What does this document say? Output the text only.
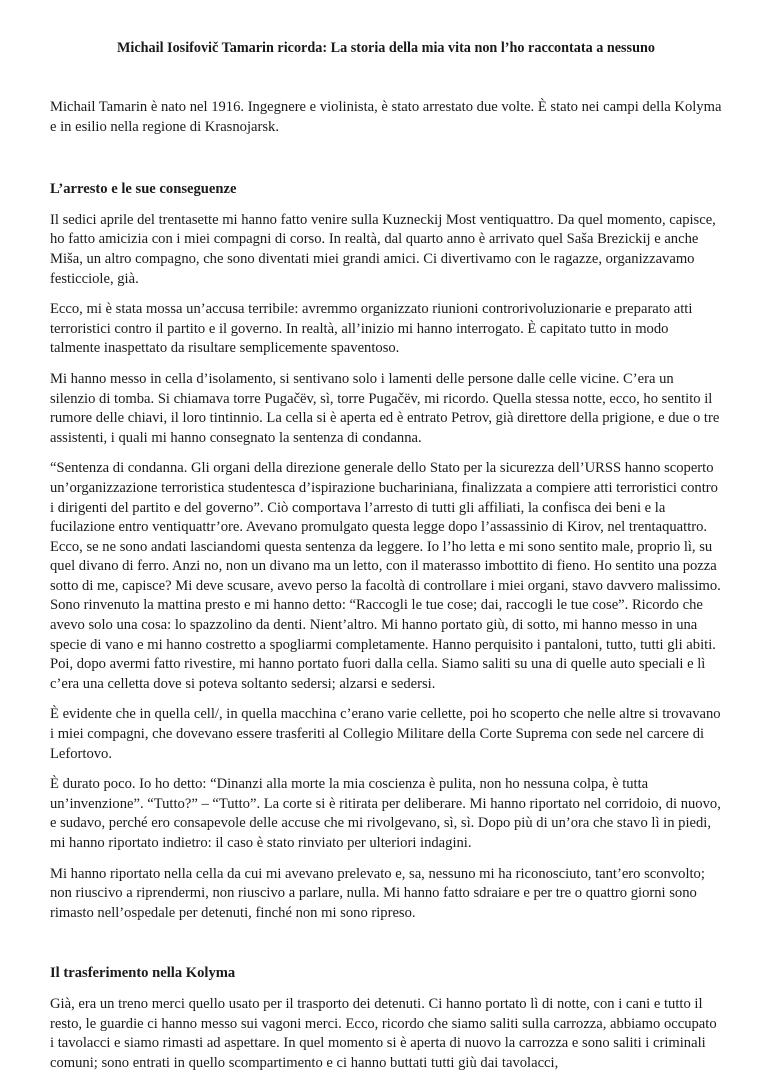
Michail Iosifovič Tamarin ricorda: La storia della mia vita non l’ho raccontata a nessuno

Michail Tamarin è nato nel 1916. Ingegnere e violinista, è stato arrestato due volte. È stato nei campi della Kolyma e in esilio nella regione di Krasnojarsk.

L’arresto e le sue conseguenze

Il sedici aprile del trentasette mi hanno fatto venire sulla Kuzneckij Most ventiquattro. Da quel momento, capisce, ho fatto amicizia con i miei compagni di corso. In realtà, dal quarto anno è arrivato quel Saša Brezickij e anche Miša, un altro compagno, che sono diventati miei grandi amici. Ci divertivamo con le ragazze, organizzavamo festicciole, già.

Ecco, mi è stata mossa un’accusa terribile: avremmo organizzato riunioni controrivoluzionarie e preparato atti terroristici contro il partito e il governo. In realtà, all’inizio mi hanno interrogato. È capitato tutto in modo talmente inaspettato da risultare semplicemente spaventoso.

Mi hanno messo in cella d’isolamento, si sentivano solo i lamenti delle persone dalle celle vicine. C’era un silenzio di tomba. Si chiamava torre Pugačëv, sì, torre Pugačëv, mi ricordo. Quella stessa notte, ecco, ho sentito il rumore delle chiavi, il loro tintinnio. La cella si è aperta ed è entrato Petrov, già direttore della prigione, e due o tre assistenti, i quali mi hanno consegnato la sentenza di condanna.

“Sentenza di condanna. Gli organi della direzione generale dello Stato per la sicurezza dell’URSS hanno scoperto un’organizzazione terroristica studentesca d’ispirazione buchariniana, finalizzata a compiere atti terroristici contro i dirigenti del partito e del governo”. Ciò comportava l’arresto di tutti gli affiliati, la confisca dei beni e la fucilazione entro ventiquattr’ore. Avevano promulgato questa legge dopo l’assassinio di Kirov, nel trentaquattro. Ecco, se ne sono andati lasciandomi questa sentenza da leggere. Io l’ho letta e mi sono sentito male, proprio lì, su quel divano di ferro. Anzi no, non un divano ma un letto, con il materasso imbottito di fieno. Ho sentito una pozza sotto di me, capisce? Mi deve scusare, avevo perso la facoltà di controllare i miei organi, stavo davvero malissimo. Sono rinvenuto la mattina presto e mi hanno detto: “Raccogli le tue cose; dai, raccogli le tue cose”. Ricordo che avevo solo una cosa: lo spazzolino da denti. Nient’altro. Mi hanno portato giù, di sotto, mi hanno messo in una specie di vano e mi hanno costretto a spogliarmi completamente. Hanno perquisito i pantaloni, tutto, tutti gli abiti. Poi, dopo avermi fatto rivestire, mi hanno portato fuori dalla cella. Siamo saliti su una di quelle auto speciali e lì c’era una celletta dove si poteva soltanto sedersi; alzarsi e sedersi.

È evidente che in quella cell/, in quella macchina c’erano varie cellette, poi ho scoperto che nelle altre si trovavano i miei compagni, che dovevano essere trasferiti al Collegio Militare della Corte Suprema con sede nel carcere di Lefortovo.

È durato poco. Io ho detto: “Dinanzi alla morte la mia coscienza è pulita, non ho nessuna colpa, è tutta un’invenzione”. “Tutto?” – “Tutto”. La corte si è ritirata per deliberare. Mi hanno riportato nel corridoio, di nuovo, e sudavo, perché ero consapevole delle accuse che mi rivolgevano, sì, sì. Dopo più di un’ora che stavo lì in piedi, mi hanno riportato indietro: il caso è stato rinviato per ulteriori indagini.

Mi hanno riportato nella cella da cui mi avevano prelevato e, sa, nessuno mi ha riconosciuto, tant’ero sconvolto; non riuscivo a riprendermi, non riuscivo a parlare, nulla. Mi hanno fatto sdraiare e per tre o quattro giorni sono rimasto nell’ospedale per detenuti, finché non mi sono ripreso.

Il trasferimento nella Kolyma

Già, era un treno merci quello usato per il trasporto dei detenuti. Ci hanno portato lì di notte, con i cani e tutto il resto, le guardie ci hanno messo sui vagoni merci. Ecco, ricordo che siamo saliti sulla carrozza, abbiamo occupato i tavolacci e siamo rimasti ad aspettare. In quel momento si è aperta di nuovo la carrozza e sono saliti i criminali comuni; sono entrati in quello scompartimento e ci hanno buttati tutti giù dai tavolacci,
